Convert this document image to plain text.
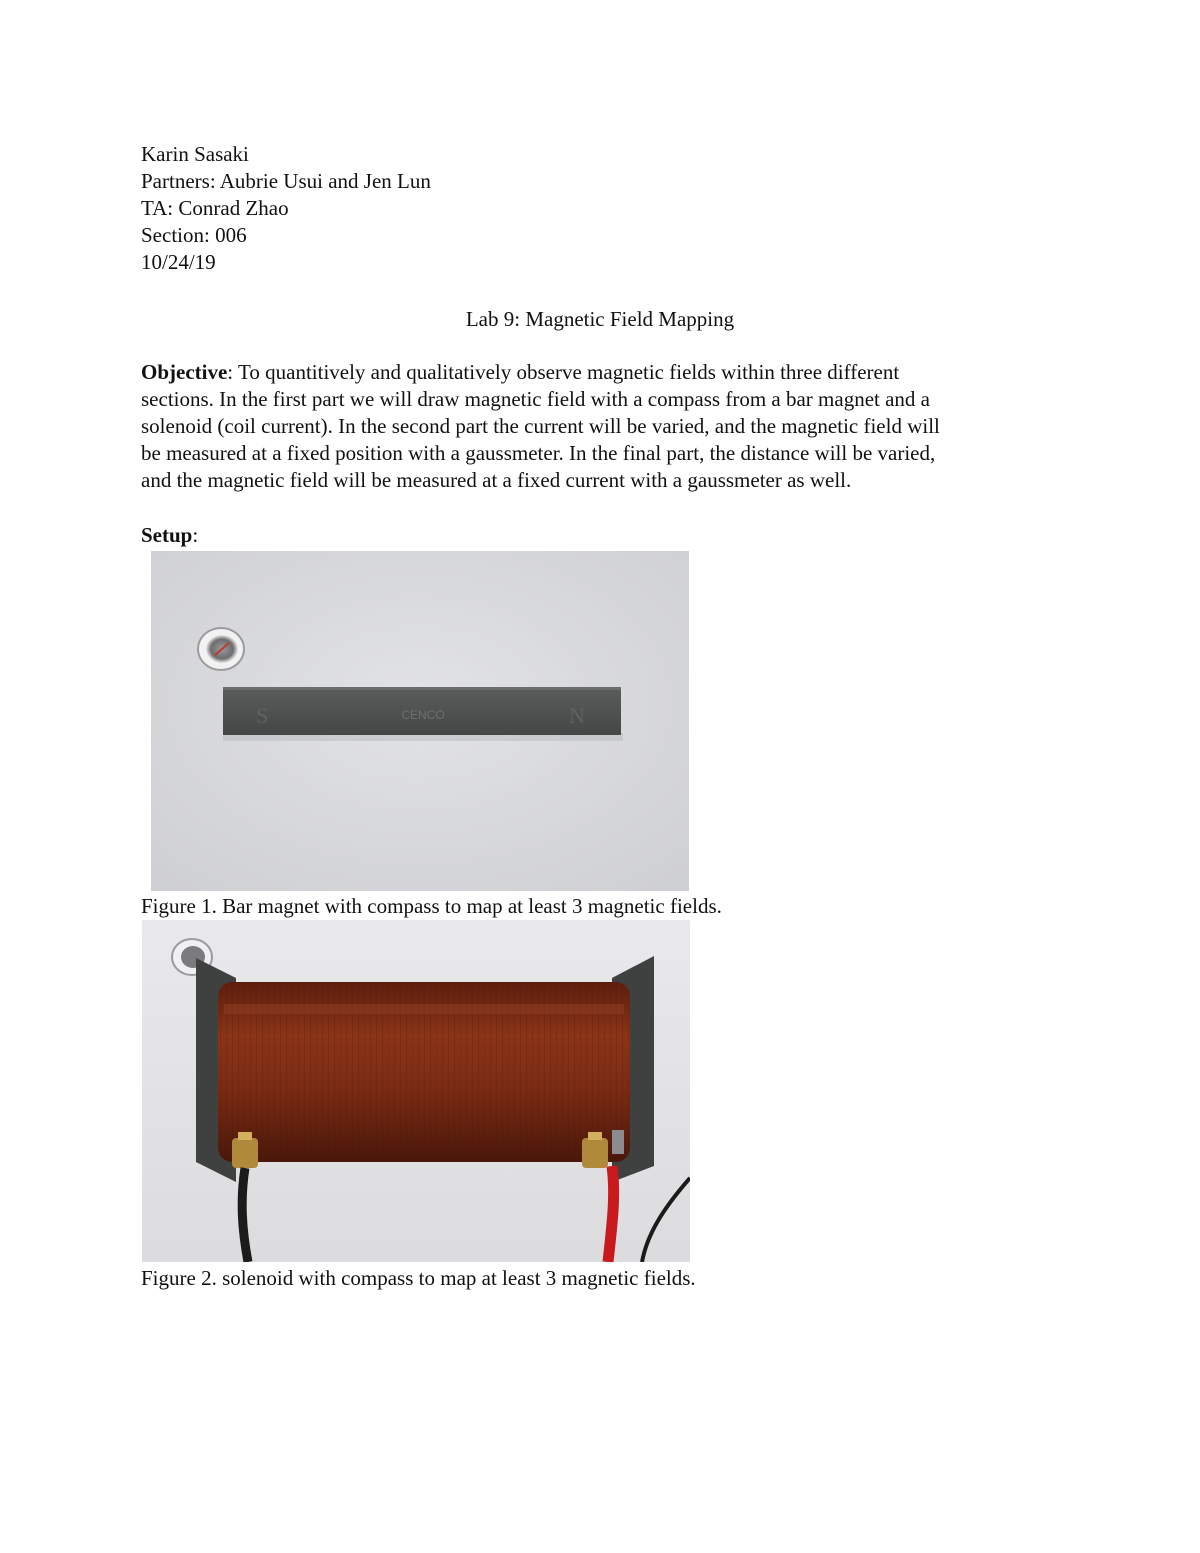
Karin Sasaki
Partners: Aubrie Usui and Jen Lun
TA: Conrad Zhao
Section: 006
10/24/19
Lab 9: Magnetic Field Mapping
Objective: To quantitively and qualitatively observe magnetic fields within three different
sections. In the first part we will draw magnetic field with a compass from a bar magnet and a
solenoid (coil current). In the second part the current will be varied, and the magnetic field will
be measured at a fixed position with a gaussmeter. In the final part, the distance will be varied,
and the magnetic field will be measured at a fixed current with a gaussmeter as well.
Setup:
S	N
CENCO
Figure 1. Bar magnet with compass to map at least 3 magnetic fields.
Figure 2. solenoid with compass to map at least 3 magnetic fields.
